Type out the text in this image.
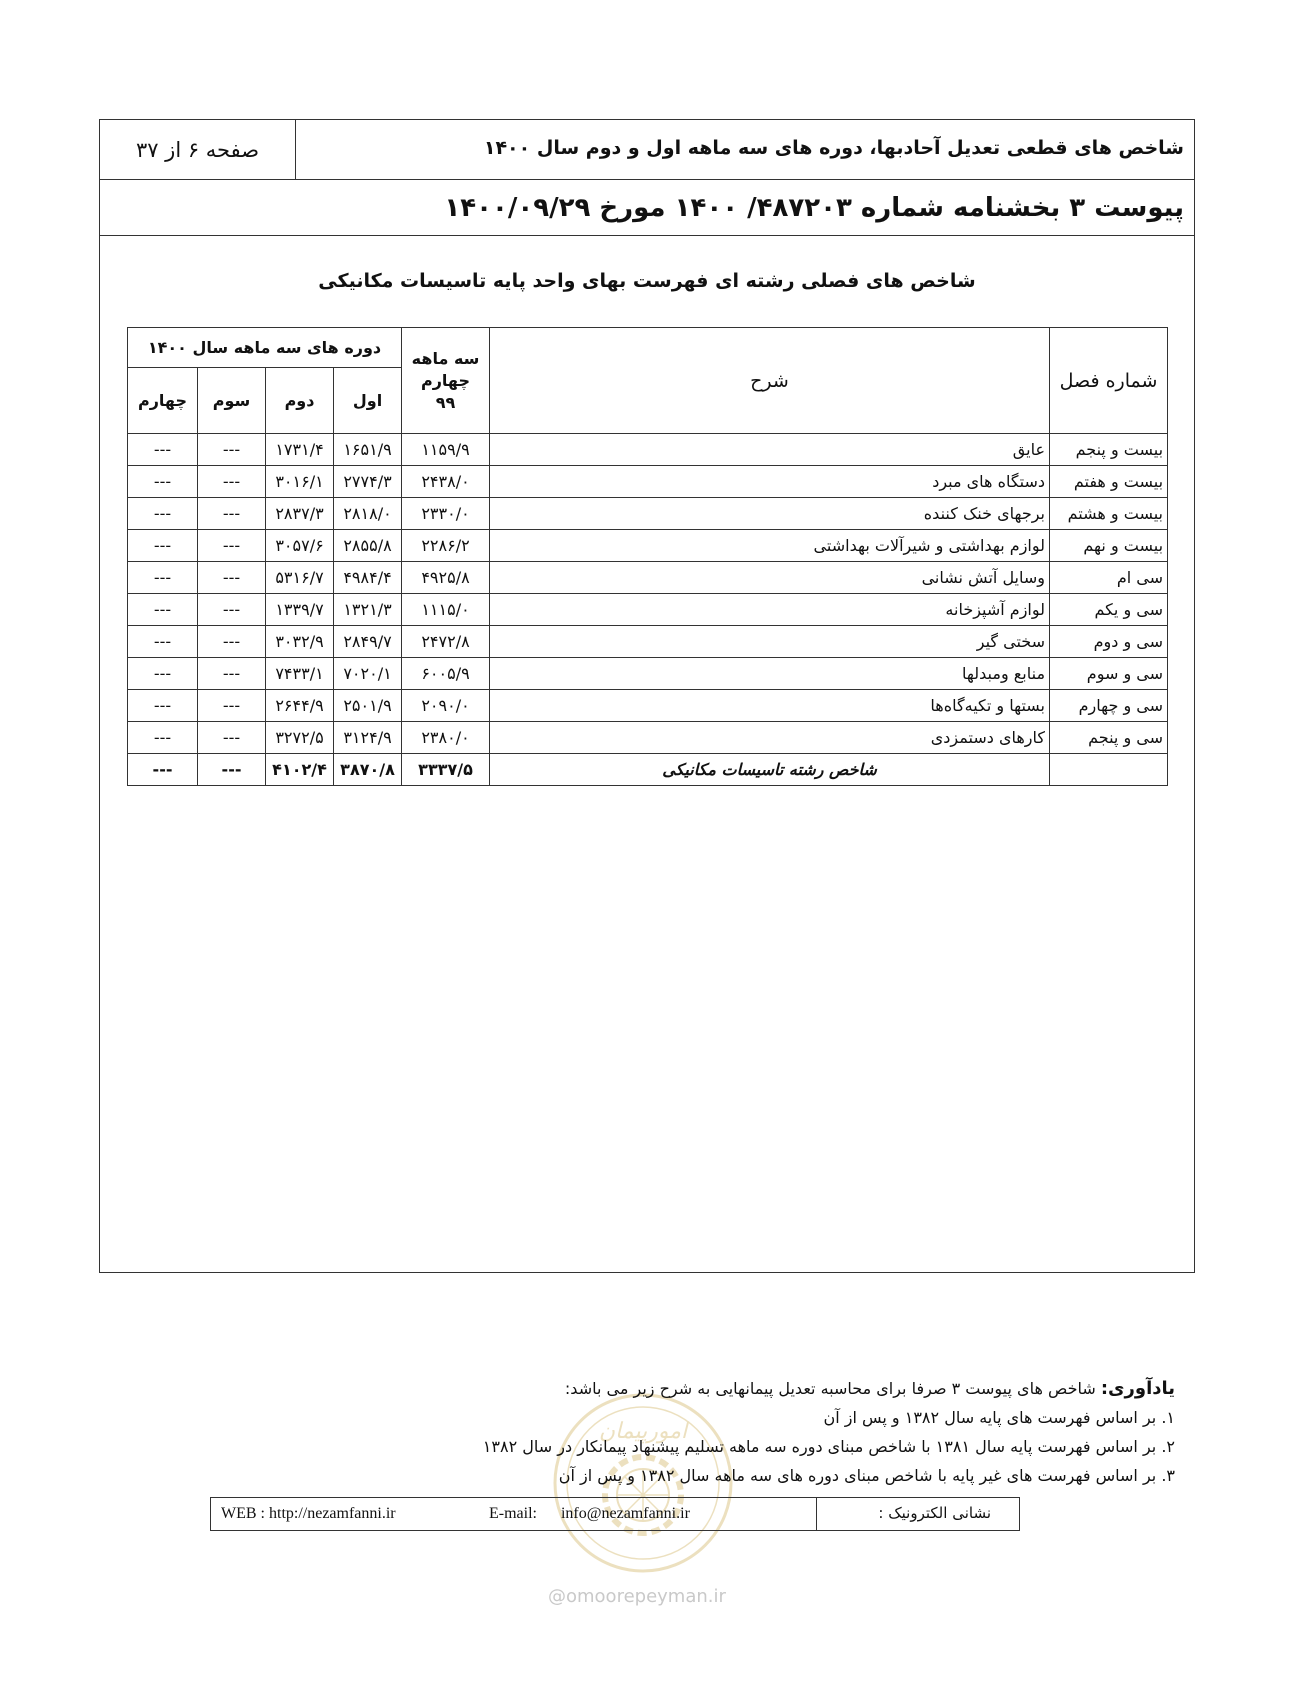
شاخص های قطعی تعدیل آحادبها، دوره های سه ماهه اول و دوم سال ۱۴۰۰
صفحه ۶ از ۳۷
پیوست ۳ بخشنامه شماره ۴۸۷۲۰۳/ ۱۴۰۰ مورخ ۱۴۰۰/۰۹/۲۹
شاخص های فصلی رشته ای فهرست بهای واحد پایه تاسیسات مکانیکی
شماره فصل	شرح	سه ماهه چهارم ۹۹	دوره های سه ماهه سال ۱۴۰۰			
			اول	دوم	سوم	چهارم
بیست و پنجم	عایق	۱۱۵۹/۹	۱۶۵۱/۹	۱۷۳۱/۴	---	---
بیست و هفتم	دستگاه های مبرد	۲۴۳۸/۰	۲۷۷۴/۳	۳۰۱۶/۱	---	---
بیست و هشتم	برجهای خنک کننده	۲۳۳۰/۰	۲۸۱۸/۰	۲۸۳۷/۳	---	---
بیست و نهم	لوازم بهداشتی و شیرآلات بهداشتی	۲۲۸۶/۲	۲۸۵۵/۸	۳۰۵۷/۶	---	---
سی ام	وسایل آتش نشانی	۴۹۲۵/۸	۴۹۸۴/۴	۵۳۱۶/۷	---	---
سی و یکم	لوازم آشپزخانه	۱۱۱۵/۰	۱۳۲۱/۳	۱۳۳۹/۷	---	---
سی و دوم	سختی گیر	۲۴۷۲/۸	۲۸۴۹/۷	۳۰۳۲/۹	---	---
سی و سوم	منابع ومبدلها	۶۰۰۵/۹	۷۰۲۰/۱	۷۴۳۳/۱	---	---
سی و چهارم	بستها و تکیه‌گاه‌ها	۲۰۹۰/۰	۲۵۰۱/۹	۲۶۴۴/۹	---	---
سی و پنجم	کارهای دستمزدی	۲۳۸۰/۰	۳۱۲۴/۹	۳۲۷۲/۵	---	---
	شاخص رشته تاسیسات مکانیکی	۳۳۳۷/۵	۳۸۷۰/۸	۴۱۰۲/۴	---	---
امورپیمان
یادآوری: شاخص های پیوست ۳ صرفا برای محاسبه تعدیل پیمانهایی به شرح زیر می باشد:
۱. بر اساس فهرست های پایه سال ۱۳۸۲ و پس از آن
۲. بر اساس فهرست پایه سال ۱۳۸۱ با شاخص مبنای دوره سه ماهه تسلیم پیشنهاد پیمانکار در سال ۱۳۸۲
۳. بر اساس فهرست های غیر پایه با شاخص مبنای دوره های سه ماهه سال ۱۳۸۲ و پس از آن
نشانی الکترونیک :
WEB : http://nezamfanni.ir	E-mail:      info@nezamfanni.ir
@omoorepeyman.ir
